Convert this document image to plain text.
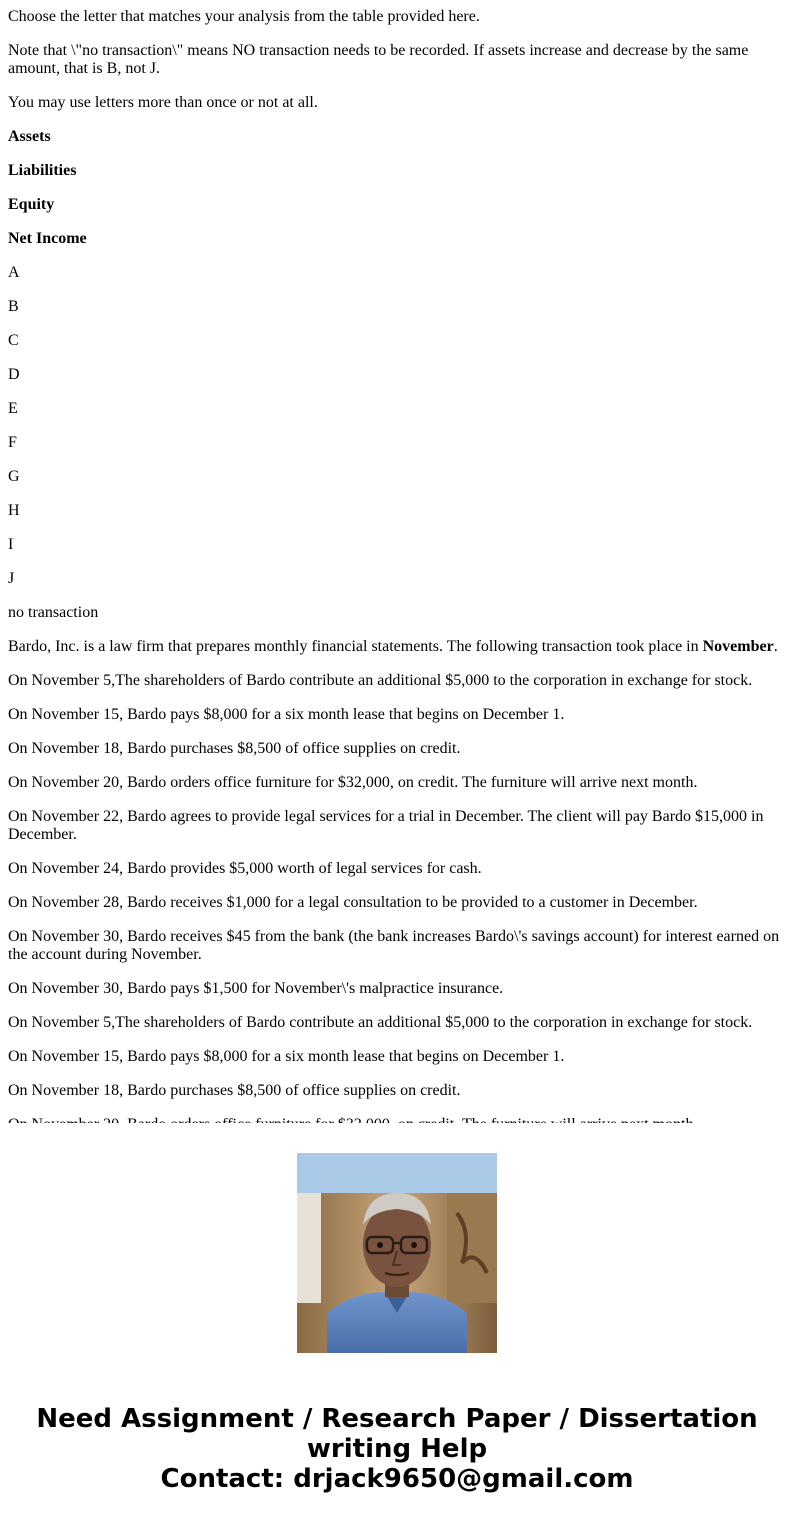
Choose the letter that matches your analysis from the table provided here.

Note that \"no transaction\" means NO transaction needs to be recorded. If assets increase and decrease by the same amount, that is B, not J.

You may use letters more than once or not at all.

Assets

Liabilities

Equity

Net Income

A

B

C

D

E

F

G

H

I

J

no transaction

Bardo, Inc. is a law firm that prepares monthly financial statements. The following transaction took place in November.

On November 5,The shareholders of Bardo contribute an additional $5,000 to the corporation in exchange for stock.

On November 15, Bardo pays $8,000 for a six month lease that begins on December 1.

On November 18, Bardo purchases $8,500 of office supplies on credit.

On November 20, Bardo orders office furniture for $32,000, on credit. The furniture will arrive next month.

On November 22, Bardo agrees to provide legal services for a trial in December. The client will pay Bardo $15,000 in December.

On November 24, Bardo provides $5,000 worth of legal services for cash.

On November 28, Bardo receives $1,000 for a legal consultation to be provided to a customer in December.

On November 30, Bardo receives $45 from the bank (the bank increases Bardo\'s savings account) for interest earned on the account during November.

On November 30, Bardo pays $1,500 for November\'s malpractice insurance.

On November 5,The shareholders of Bardo contribute an additional $5,000 to the corporation in exchange for stock.

On November 15, Bardo pays $8,000 for a six month lease that begins on December 1.

On November 18, Bardo purchases $8,500 of office supplies on credit.

Need Assignment / Research Paper / Dissertation
writing Help
Contact: drjack9650@gmail.com
